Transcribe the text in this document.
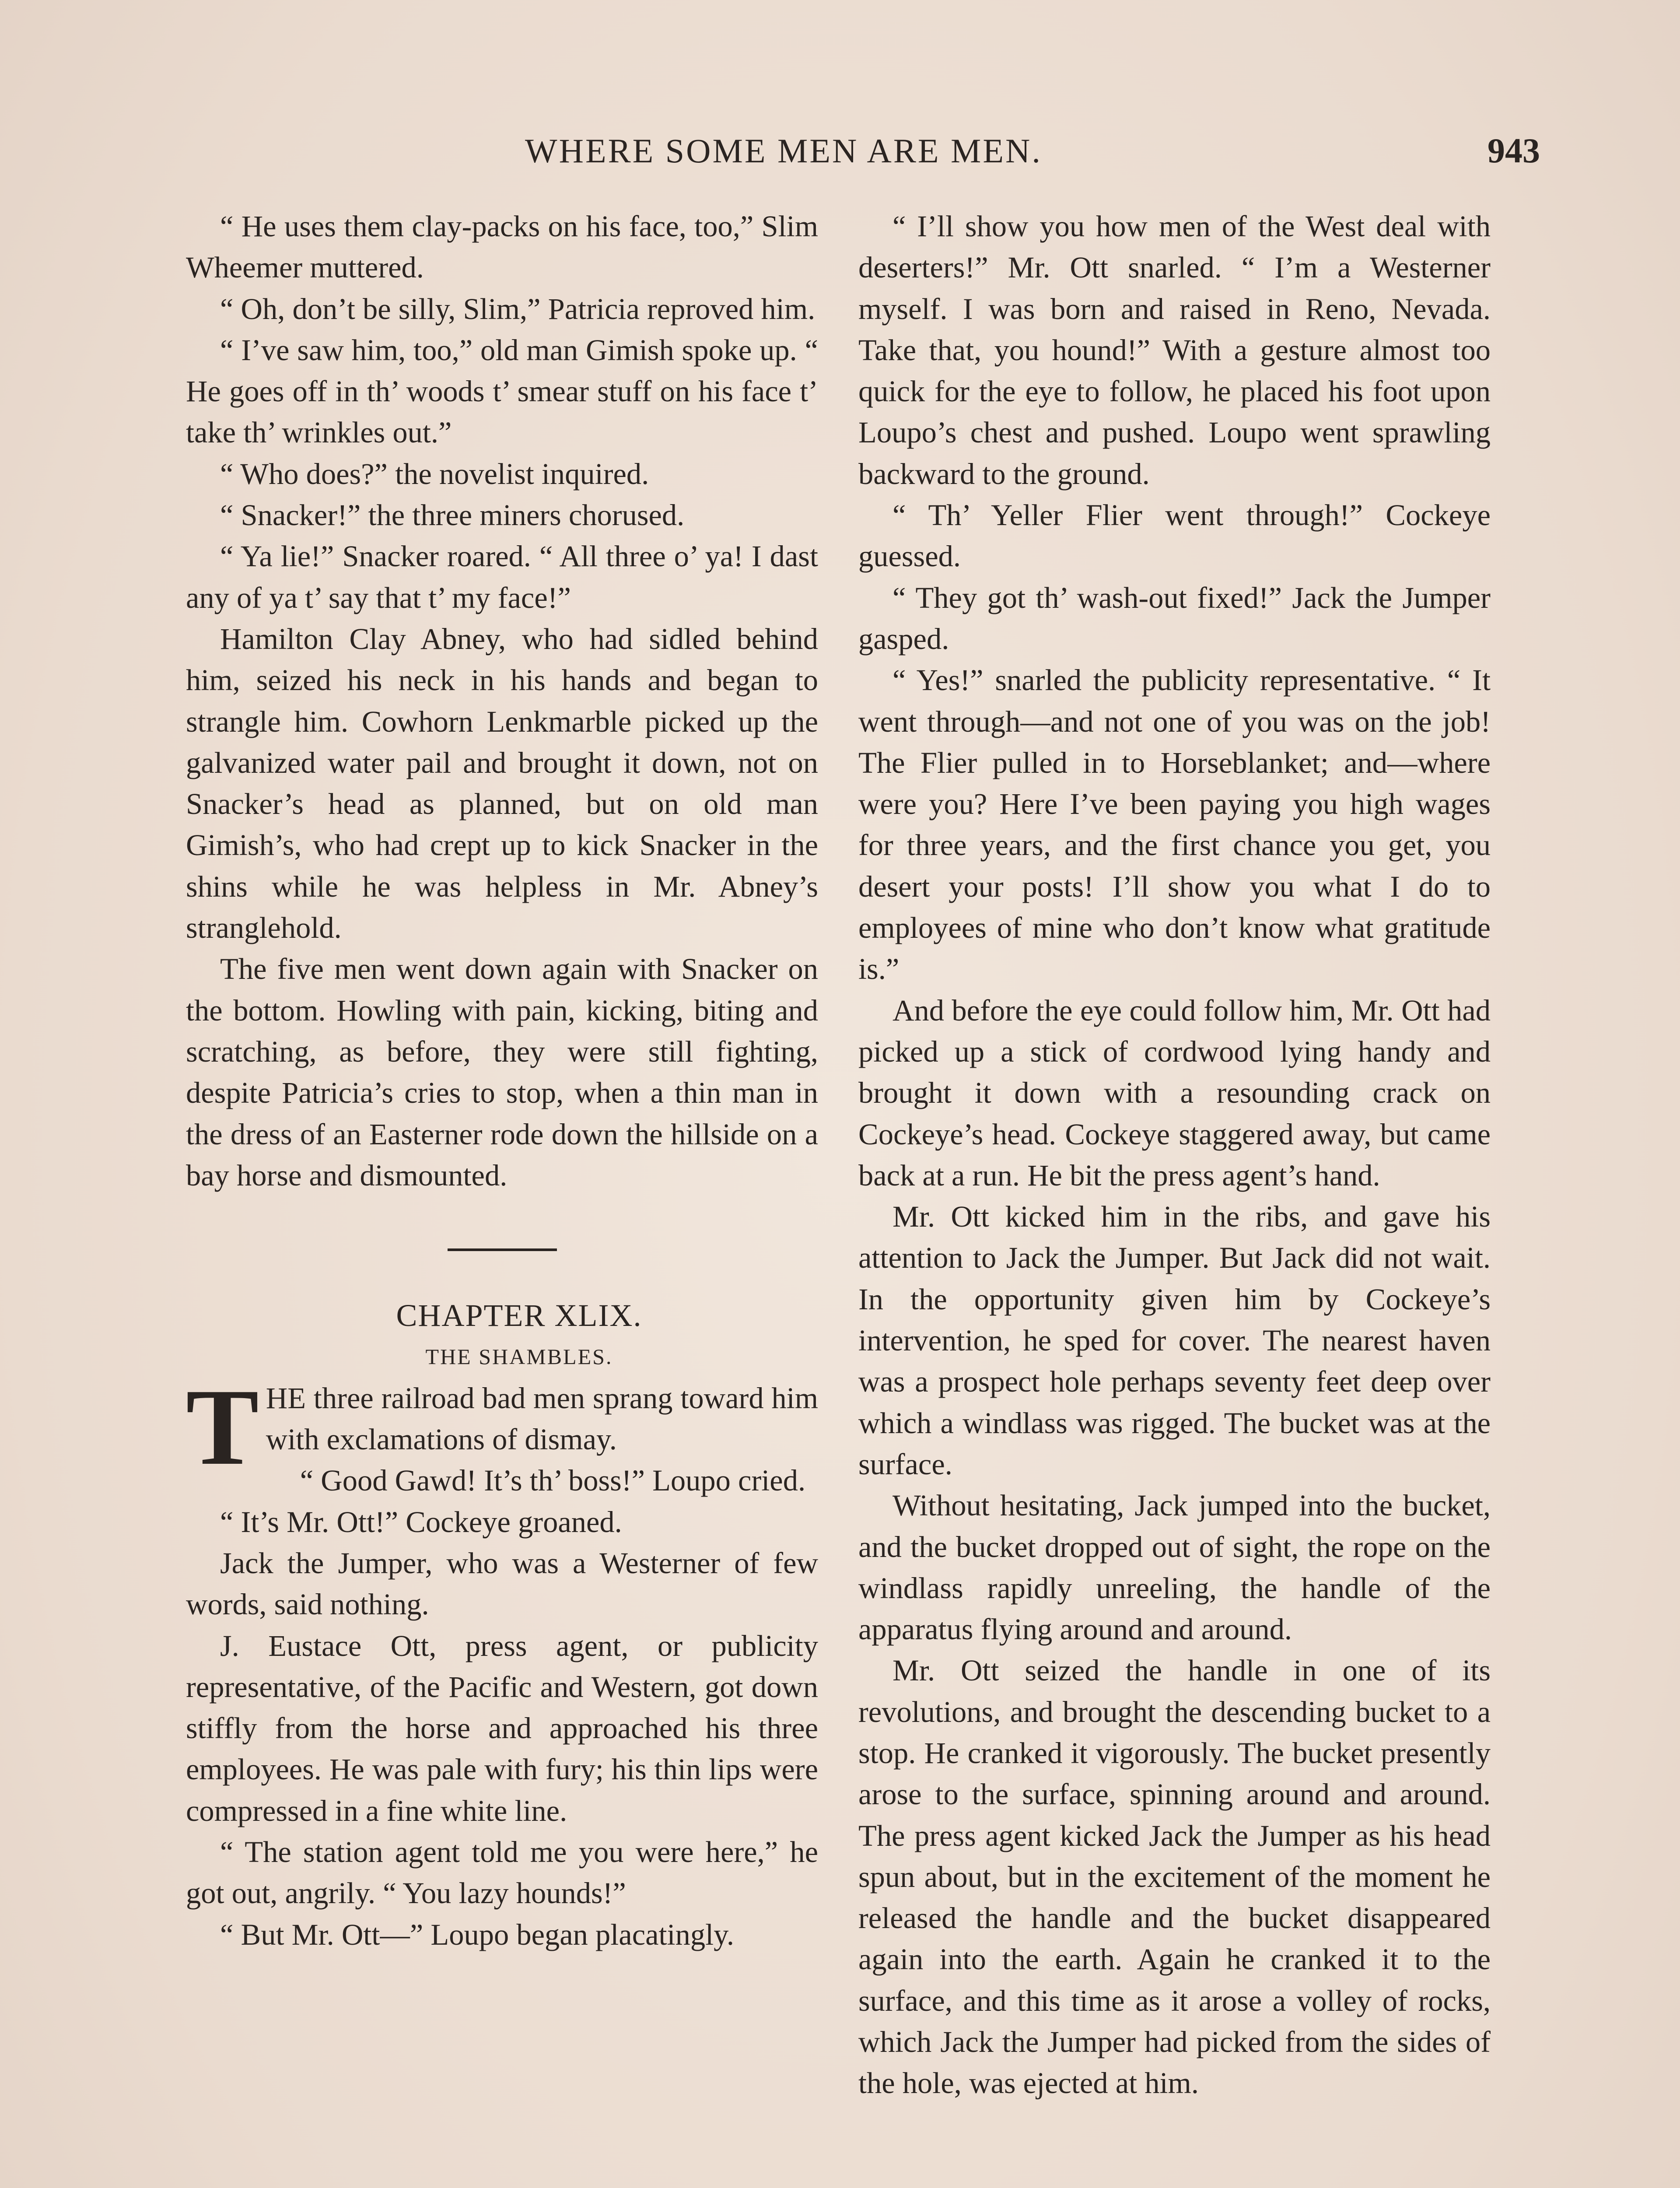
WHERE SOME MEN ARE MEN.	943

“ He uses them clay-packs on his face, too,” Slim Wheemer muttered.

“ Oh, don’t be silly, Slim,” Patricia reproved him.

“ I’ve saw him, too,” old man Gimish spoke up. “ He goes off in th’ woods t’ smear stuff on his face t’ take th’ wrinkles out.”

“ Who does?” the novelist inquired.

“ Snacker!” the three miners chorused.

“ Ya lie!” Snacker roared. “ All three o’ ya! I dast any of ya t’ say that t’ my face!”

Hamilton Clay Abney, who had sidled behind him, seized his neck in his hands and began to strangle him. Cowhorn Lenkmarble picked up the galvanized water pail and brought it down, not on Snacker’s head as planned, but on old man Gimish’s, who had crept up to kick Snacker in the shins while he was helpless in Mr. Abney’s stranglehold.

The five men went down again with Snacker on the bottom. Howling with pain, kicking, biting and scratching, as before, they were still fighting, despite Patricia’s cries to stop, when a thin man in the dress of an Easterner rode down the hillside on a bay horse and dismounted.

CHAPTER XLIX.

THE SHAMBLES.

THE three railroad bad men sprang toward him with exclamations of dismay.

“ Good Gawd! It’s th’ boss!” Loupo cried.

“ It’s Mr. Ott!” Cockeye groaned.

Jack the Jumper, who was a Westerner of few words, said nothing.

J. Eustace Ott, press agent, or publicity representative, of the Pacific and Western, got down stiffly from the horse and approached his three employees. He was pale with fury; his thin lips were compressed in a fine white line.

“ The station agent told me you were here,” he got out, angrily. “ You lazy hounds!”

“ But Mr. Ott—” Loupo began placatingly.

“ I’ll show you how men of the West deal with deserters!” Mr. Ott snarled. “ I’m a Westerner myself. I was born and raised in Reno, Nevada. Take that, you hound!” With a gesture almost too quick for the eye to follow, he placed his foot upon Loupo’s chest and pushed. Loupo went sprawling backward to the ground.

“ Th’ Yeller Flier went through!” Cockeye guessed.

“ They got th’ wash-out fixed!” Jack the Jumper gasped.

“ Yes!” snarled the publicity representative. “ It went through—and not one of you was on the job! The Flier pulled in to Horseblanket; and—where were you? Here I’ve been paying you high wages for three years, and the first chance you get, you desert your posts! I’ll show you what I do to employees of mine who don’t know what gratitude is.”

And before the eye could follow him, Mr. Ott had picked up a stick of cordwood lying handy and brought it down with a resounding crack on Cockeye’s head. Cockeye staggered away, but came back at a run. He bit the press agent’s hand.

Mr. Ott kicked him in the ribs, and gave his attention to Jack the Jumper. But Jack did not wait. In the opportunity given him by Cockeye’s intervention, he sped for cover. The nearest haven was a prospect hole perhaps seventy feet deep over which a windlass was rigged. The bucket was at the surface.

Without hesitating, Jack jumped into the bucket, and the bucket dropped out of sight, the rope on the windlass rapidly unreeling, the handle of the apparatus flying around and around.

Mr. Ott seized the handle in one of its revolutions, and brought the descending bucket to a stop. He cranked it vigorously. The bucket presently arose to the surface, spinning around and around. The press agent kicked Jack the Jumper as his head spun about, but in the excitement of the moment he released the handle and the bucket disappeared again into the earth. Again he cranked it to the surface, and this time as it arose a volley of rocks, which Jack the Jumper had picked from the sides of the hole, was ejected at him.
